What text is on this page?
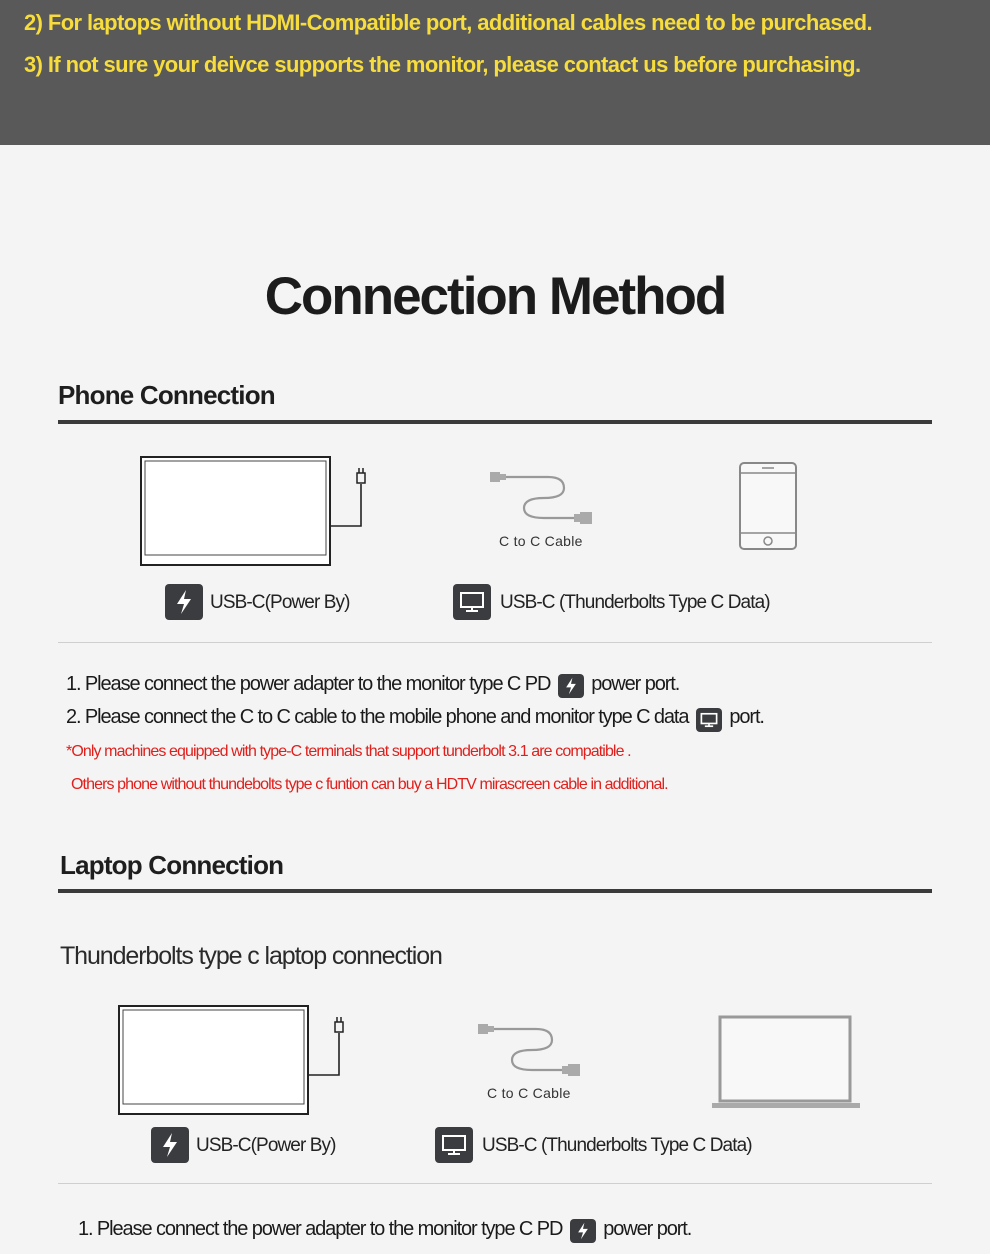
2) For laptops without HDMI-Compatible port, additional cables need to be purchased.

3) If not sure your deivce supports the monitor, please contact us before purchasing.

Connection Method
Phone Connection

C to C Cable

USB-C(Power By)	USB-C (Thunderbolts Type C Data)

1. Please connect the power adapter to the monitor type C PD power port.

2. Please connect the C to C cable to the mobile phone and monitor type C data port.

*Only machines equipped with type-C terminals that support tunderbolt 3.1 are compatible .

Others phone without thundebolts type c funtion can buy a HDTV mirascreen cable in additional.

Laptop Connection

Thunderbolts type c laptop connection

C to C Cable

USB-C(Power By)	USB-C (Thunderbolts Type C Data)

1. Please connect the power adapter to the monitor type C PD power port.
